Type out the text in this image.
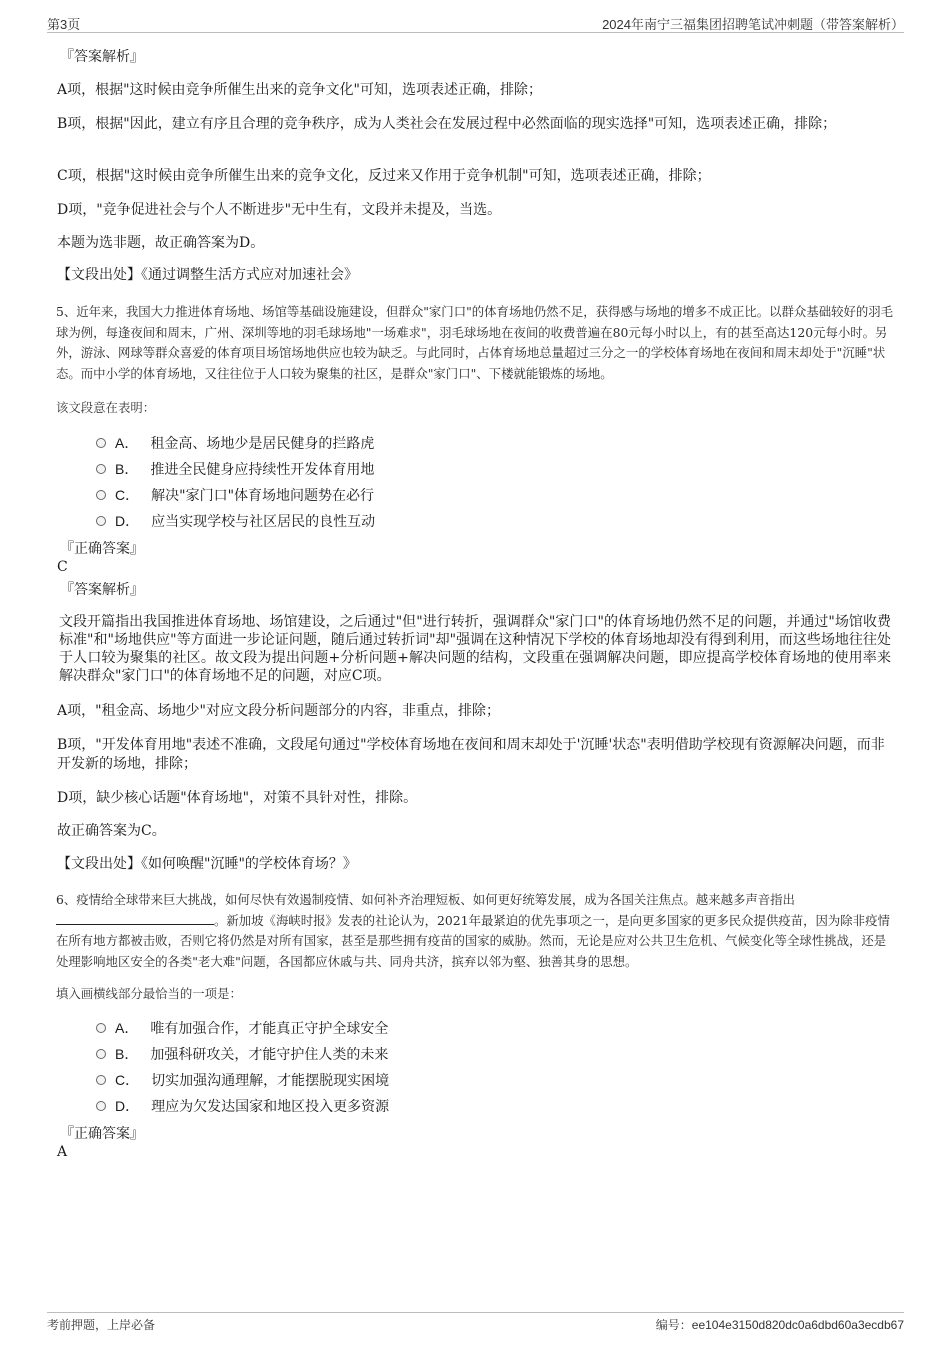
第3页	2024年南宁三福集团招聘笔试冲刺题（带答案解析）

『答案解析』

A项，根据"这时候由竞争所催生出来的竞争文化"可知，选项表述正确，排除；

B项，根据"因此，建立有序且合理的竞争秩序，成为人类社会在发展过程中必然面临的现实选择"可知，选项表述正确，排除；

C项，根据"这时候由竞争所催生出来的竞争文化，反过来又作用于竞争机制"可知，选项表述正确，排除；

D项，"竞争促进社会与个人不断进步"无中生有，文段并未提及，当选。

本题为选非题，故正确答案为D。

【文段出处】《通过调整生活方式应对加速社会》

5、近年来，我国大力推进体育场地、场馆等基础设施建设，但群众"家门口"的体育场地仍然不足，获得感与场地的增多不成正比。以群众基础较好的羽毛球为例，每逢夜间和周末，广州、深圳等地的羽毛球场地"一场难求"，羽毛球场地在夜间的收费普遍在80元每小时以上，有的甚至高达120元每小时。另外，游泳、网球等群众喜爱的体育项目场馆场地供应也较为缺乏。与此同时，占体育场地总量超过三分之一的学校体育场地在夜间和周末却处于"沉睡"状态。而中小学的体育场地，又往往位于人口较为聚集的社区，是群众"家门口"、下楼就能锻炼的场地。

该文段意在表明：

A． 租金高、场地少是居民健身的拦路虎
B． 推进全民健身应持续性开发体育用地
C． 解决"家门口"体育场地问题势在必行
D． 应当实现学校与社区居民的良性互动

『正确答案』

C

『答案解析』

文段开篇指出我国推进体育场地、场馆建设，之后通过"但"进行转折，强调群众"家门口"的体育场地仍然不足的问题，并通过"场馆收费标准"和"场地供应"等方面进一步论证问题，随后通过转折词"却"强调在这种情况下学校的体育场地却没有得到利用，而这些场地往往处于人口较为聚集的社区。故文段为提出问题+分析问题+解决问题的结构，文段重在强调解决问题，即应提高学校体育场地的使用率来解决群众"家门口"的体育场地不足的问题，对应C项。

A项，"租金高、场地少"对应文段分析问题部分的内容，非重点，排除；

B项，"开发体育用地"表述不准确，文段尾句通过"学校体育场地在夜间和周末却处于'沉睡'状态"表明借助学校现有资源解决问题，而非开发新的场地，排除；

D项，缺少核心话题"体育场地"，对策不具针对性，排除。

故正确答案为C。

【文段出处】《如何唤醒"沉睡"的学校体育场？》

6、疫情给全球带来巨大挑战，如何尽快有效遏制疫情、如何补齐治理短板、如何更好统筹发展，成为各国关注焦点。越来越多声音指出
。新加坡《海峡时报》发表的社论认为，2021年最紧迫的优先事项之一，是向更多国家的更多民众提供疫苗，因为除非疫情在所有地方都被击败，否则它将仍然是对所有国家，甚至是那些拥有疫苗的国家的威胁。然而，无论是应对公共卫生危机、气候变化等全球性挑战，还是处理影响地区安全的各类"老大难"问题，各国都应休戚与共、同舟共济，摈弃以邻为壑、独善其身的思想。

填入画横线部分最恰当的一项是：

A． 唯有加强合作，才能真正守护全球安全
B． 加强科研攻关，才能守护住人类的未来
C． 切实加强沟通理解，才能摆脱现实困境
D． 理应为欠发达国家和地区投入更多资源

『正确答案』

A

考前押题，上岸必备	编号：ee104e3150d820dc0a6dbd60a3ecdb67
